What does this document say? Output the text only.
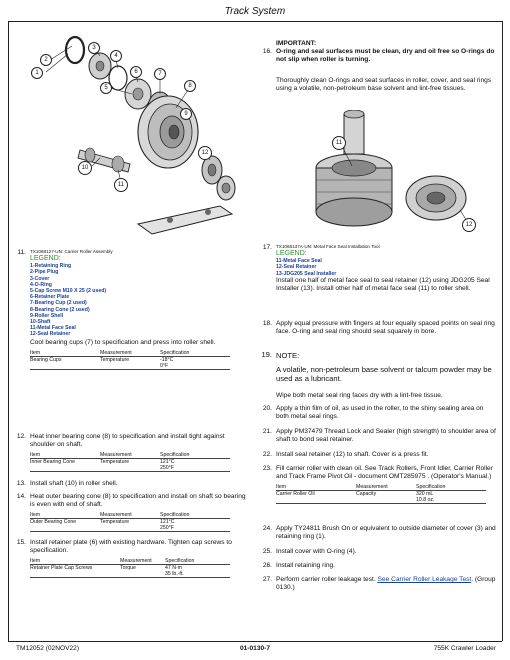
Track System
1
2
3
4
5
6	7
8
9
10
11
12
11. TX1068127-UN: Carrier Roller Assembly
LEGEND:
1-Retaining Ring
2-Pipe Plug
3-Cover
4-O-Ring
5-Cap Screw M10 X 25 (2 used)
6-Retainer Plate
7-Bearing Cup (2 used)
8-Bearing Cone (2 used)
9-Roller Shell
10-Shaft
11-Metal Face Seal
12-Seal Retainer
Cool bearing cups (7) to specification and press into roller shell.
Item	Measurement	Specification
Bearing Cups	Temperature	-18°C
0°F
12. Heat inner bearing cone (8) to specification and install tight against shoulder on shaft.
Item	Measurement	Specification
Inner Bearing Cone	Temperature	121°C
250°F
13. Install shaft (10) in roller shell.
14. Heat outer bearing cone (8) to specification and install on shaft so bearing is even with end of shaft.
Item	Measurement	Specification
Outer Bearing Cone	Temperature	121°C
250°F
15. Install retainer plate (6) with existing hardware. Tighten cap screws to specification.
Item	Measurement	Specification
Retainer Plate Cap Screws	Torque	47 N·m
35 lb.-ft.
16.
IMPORTANT:
O-ring and seal surfaces must be clean, dry and oil free so O-rings do not slip when roller is turning.
Thoroughly clean O-rings and seat surfaces in roller, cover, and seal rings using a volatile, non-petroleum base solvent and lint-free tissues.
11
12
17. TX1068137A-UN: Metal Face Seal Installation Tool
LEGEND:
11-Metal Face Seal
12-Seal Retainer
13-JDG205 Seal Installer
Install one half of metal face seal to seal retainer (12) using JDG205 Seal Installer (13). Install other half of metal face seal (11) to roller shell.
18. Apply equal pressure with fingers at four equally spaced points on seal ring face. O-ring and seal ring should seat squarely in bore.
19. NOTE:
A volatile, non-petroleum base solvent or talcum powder may be used as a lubricant.
Wipe both metal seal ring faces dry with a lint-free tissue.
20. Apply a thin film of oil, as used in the roller, to the shiny sealing area on both metal seal rings.
21. Apply PM37479 Thread Lock and Sealer (high strength) to shoulder area of shaft to bond seal retainer.
22. Install seal retainer (12) to shaft. Cover is a press fit.
23. Fill carrier roller with clean oil. See Track Rollers, Front Idler, Carrier Roller and Track Frame Pivot Oil - document OMT285975 . (Operator's Manual.)
Item	Measurement	Specification
Carrier Roller Oil	Capacity	320 mL
10.8 oz.
24. Apply TY24811 Brush On or equivalent to outside diameter of cover (3) and retaining ring (1).
25. Install cover with O-ring (4).
26. Install retaining ring.
27. Perform carrier roller leakage test. See Carrier Roller Leakage Test. (Group 0130.)
TM12052 (02NOV22)	01-0130-7	755K Crawler Loader
